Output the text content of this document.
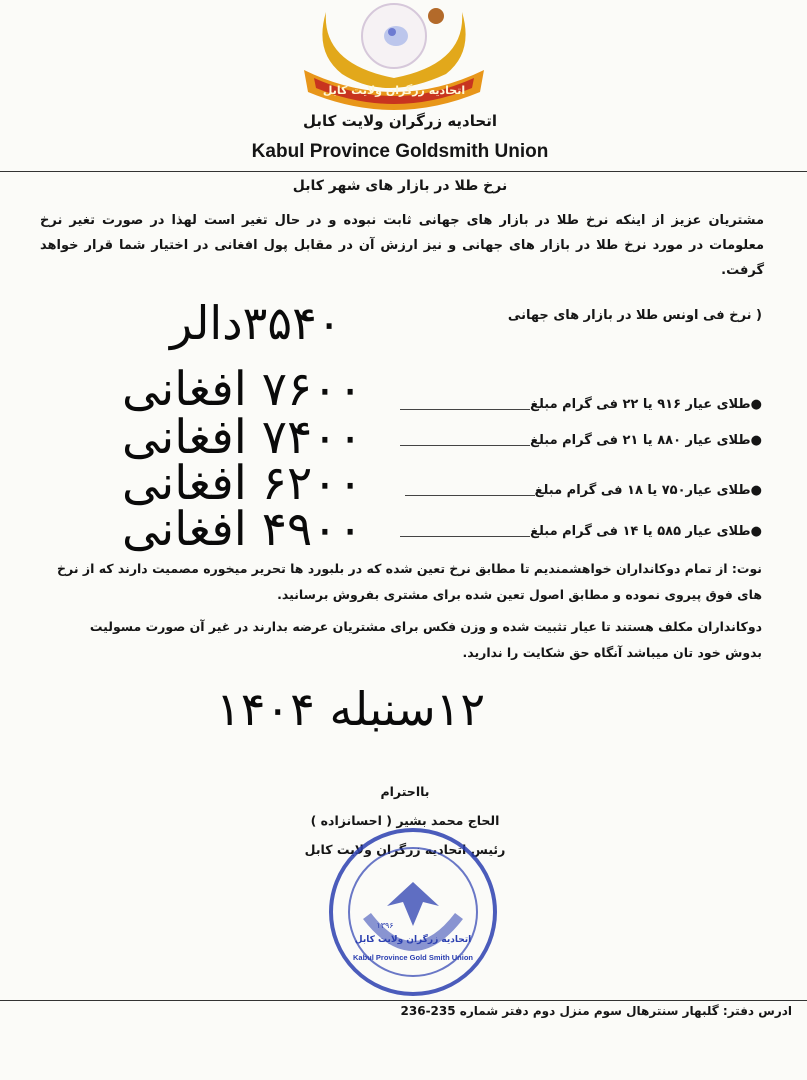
اتحادیه زرگران ولایت کابل
اتحادیه زرگران ولایت کابل
Kabul Province Goldsmith Union
نرخ طلا در بازار های شهر کابل
مشتریان عزیز از اینکه نرخ طلا در بازار های جهانی ثابت نبوده و در حال تغیر است لهذا در صورت تغیر نرخ معلومات در مورد نرخ طلا در بازار های جهانی و نیز ارزش آن در مقابل پول افغانی در اختیار شما قرار خواهد گرفت.
( نرخ فی اونس طلا در بازار های جهانی
۳۵۴۰دالر
۷۶۰۰ افغانی	●طلای عیار ۹۱۶ یا ۲۲ فی گرام مبلغ
۷۴۰۰ افغانی	●طلای عیار ۸۸۰ یا ۲۱ فی گرام مبلغ
۶۲۰۰ افغانی	●طلای عیار۷۵۰ یا ۱۸ فی گرام مبلغ
۴۹۰۰ افغانی	●طلای عیار ۵۸۵ یا ۱۴ فی گرام مبلغ
نوت: از تمام دوکانداران خواهشمندیم تا مطابق نرخ تعین شده که در بلبورد ها تحریر میخوره مصمیت دارند که از نرخ های فوق پیروی نموده و مطابق اصول تعین شده برای مشتری بفروش برسانید.
دوکانداران مکلف هستند تا عیار تثبیت شده و وزن فکس برای مشتریان عرضه بدارند در غیر آن صورت مسولیت بدوش خود تان میباشد آنگاه حق شکایت را ندارید.
۱۲سنبله ۱۴۰۴
بااحترام
الحاج محمد بشیر ( احسانزاده )
رئیس اتحادیه زرگران ولایت کابل
اتحادیه زرگران ولایت کابل
۱۳۹۶
Kabul Province Gold Smith Union
ادرس دفتر: گلبهار سنترهال سوم منزل دوم دفتر شماره 235-236
